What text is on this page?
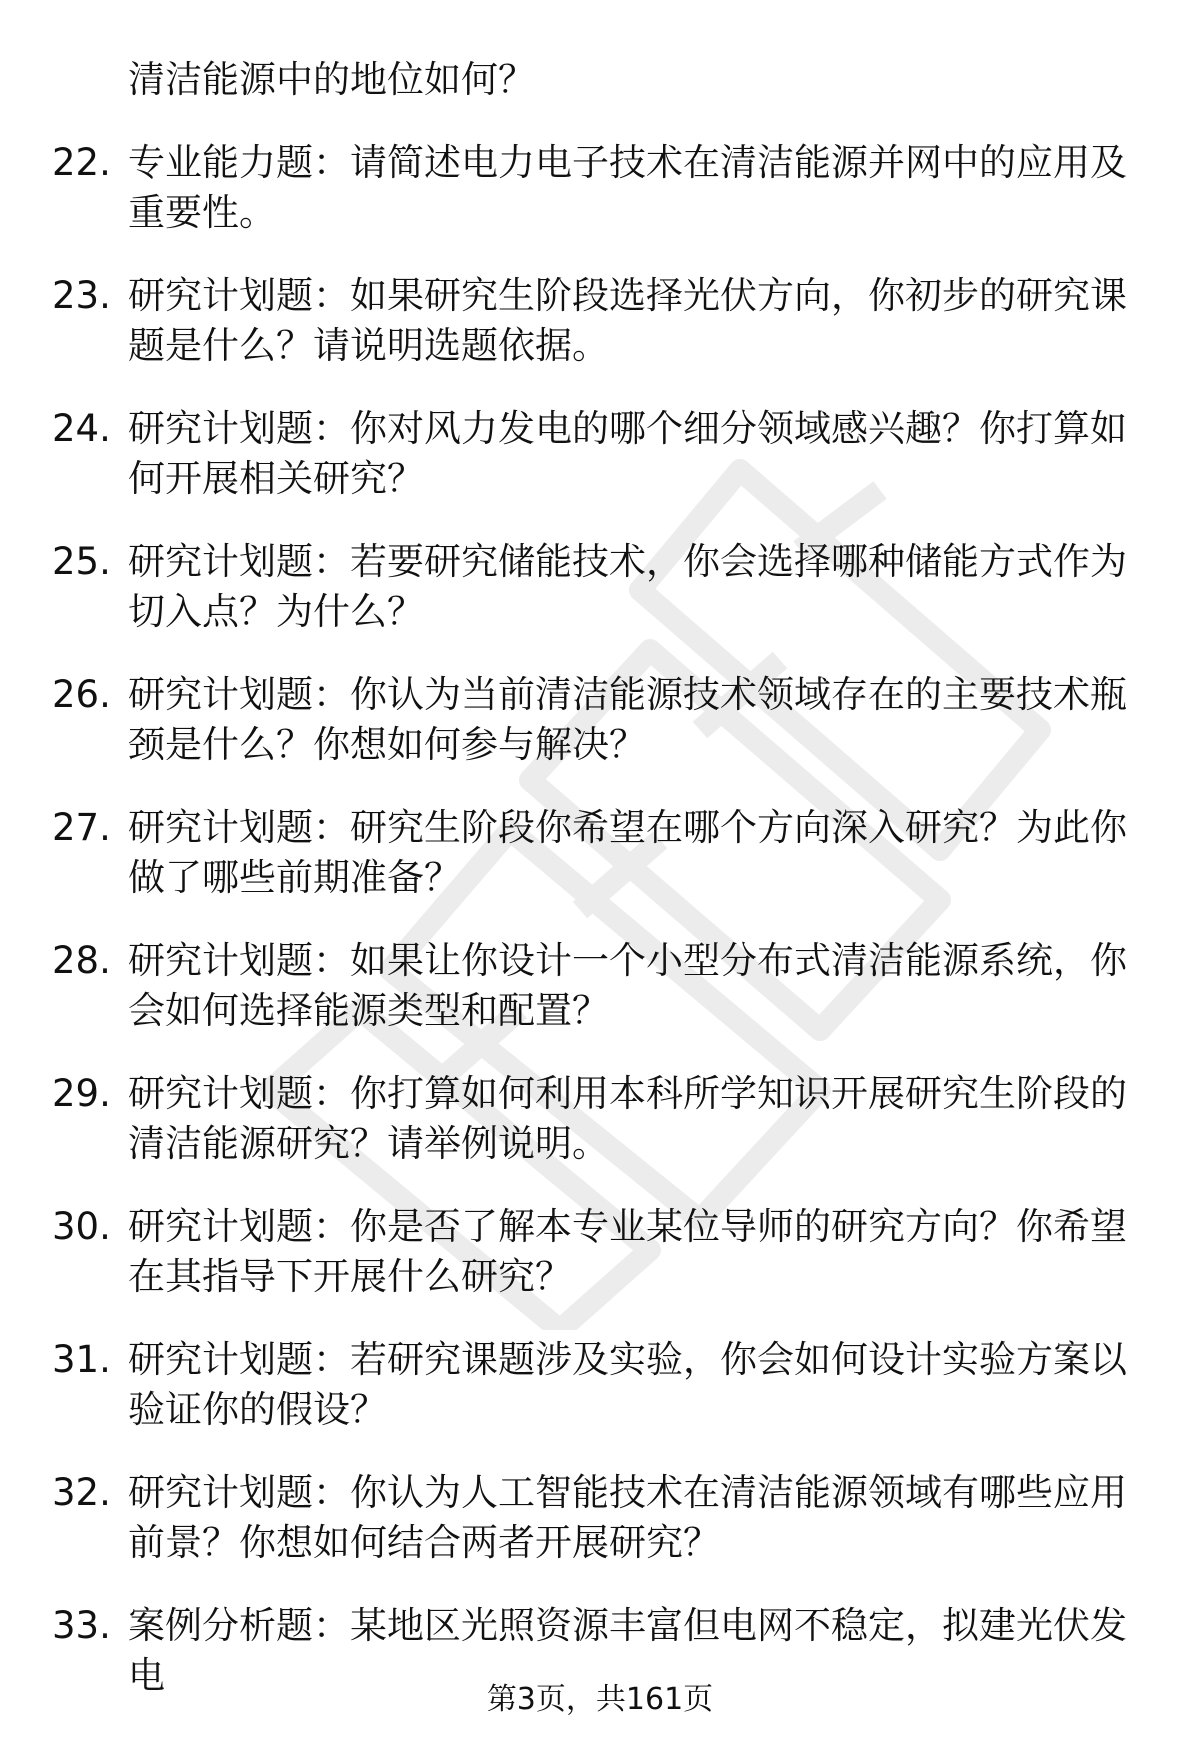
清洁能源中的地位如何？
22. 专业能力题：请简述电力电子技术在清洁能源并网中的应用及重要性。
23. 研究计划题：如果研究生阶段选择光伏方向，你初步的研究课题是什么？请说明选题依据。
24. 研究计划题：你对风力发电的哪个细分领域感兴趣？你打算如何开展相关研究？
25. 研究计划题：若要研究储能技术，你会选择哪种储能方式作为切入点？为什么？
26. 研究计划题：你认为当前清洁能源技术领域存在的主要技术瓶颈是什么？你想如何参与解决？
27. 研究计划题：研究生阶段你希望在哪个方向深入研究？为此你做了哪些前期准备？
28. 研究计划题：如果让你设计一个小型分布式清洁能源系统，你会如何选择能源类型和配置？
29. 研究计划题：你打算如何利用本科所学知识开展研究生阶段的清洁能源研究？请举例说明。
30. 研究计划题：你是否了解本专业某位导师的研究方向？你希望在其指导下开展什么研究？
31. 研究计划题：若研究课题涉及实验，你会如何设计实验方案以验证你的假设？
32. 研究计划题：你认为人工智能技术在清洁能源领域有哪些应用前景？你想如何结合两者开展研究？
33. 案例分析题：某地区光照资源丰富但电网不稳定，拟建光伏发电
第3页，共161页
